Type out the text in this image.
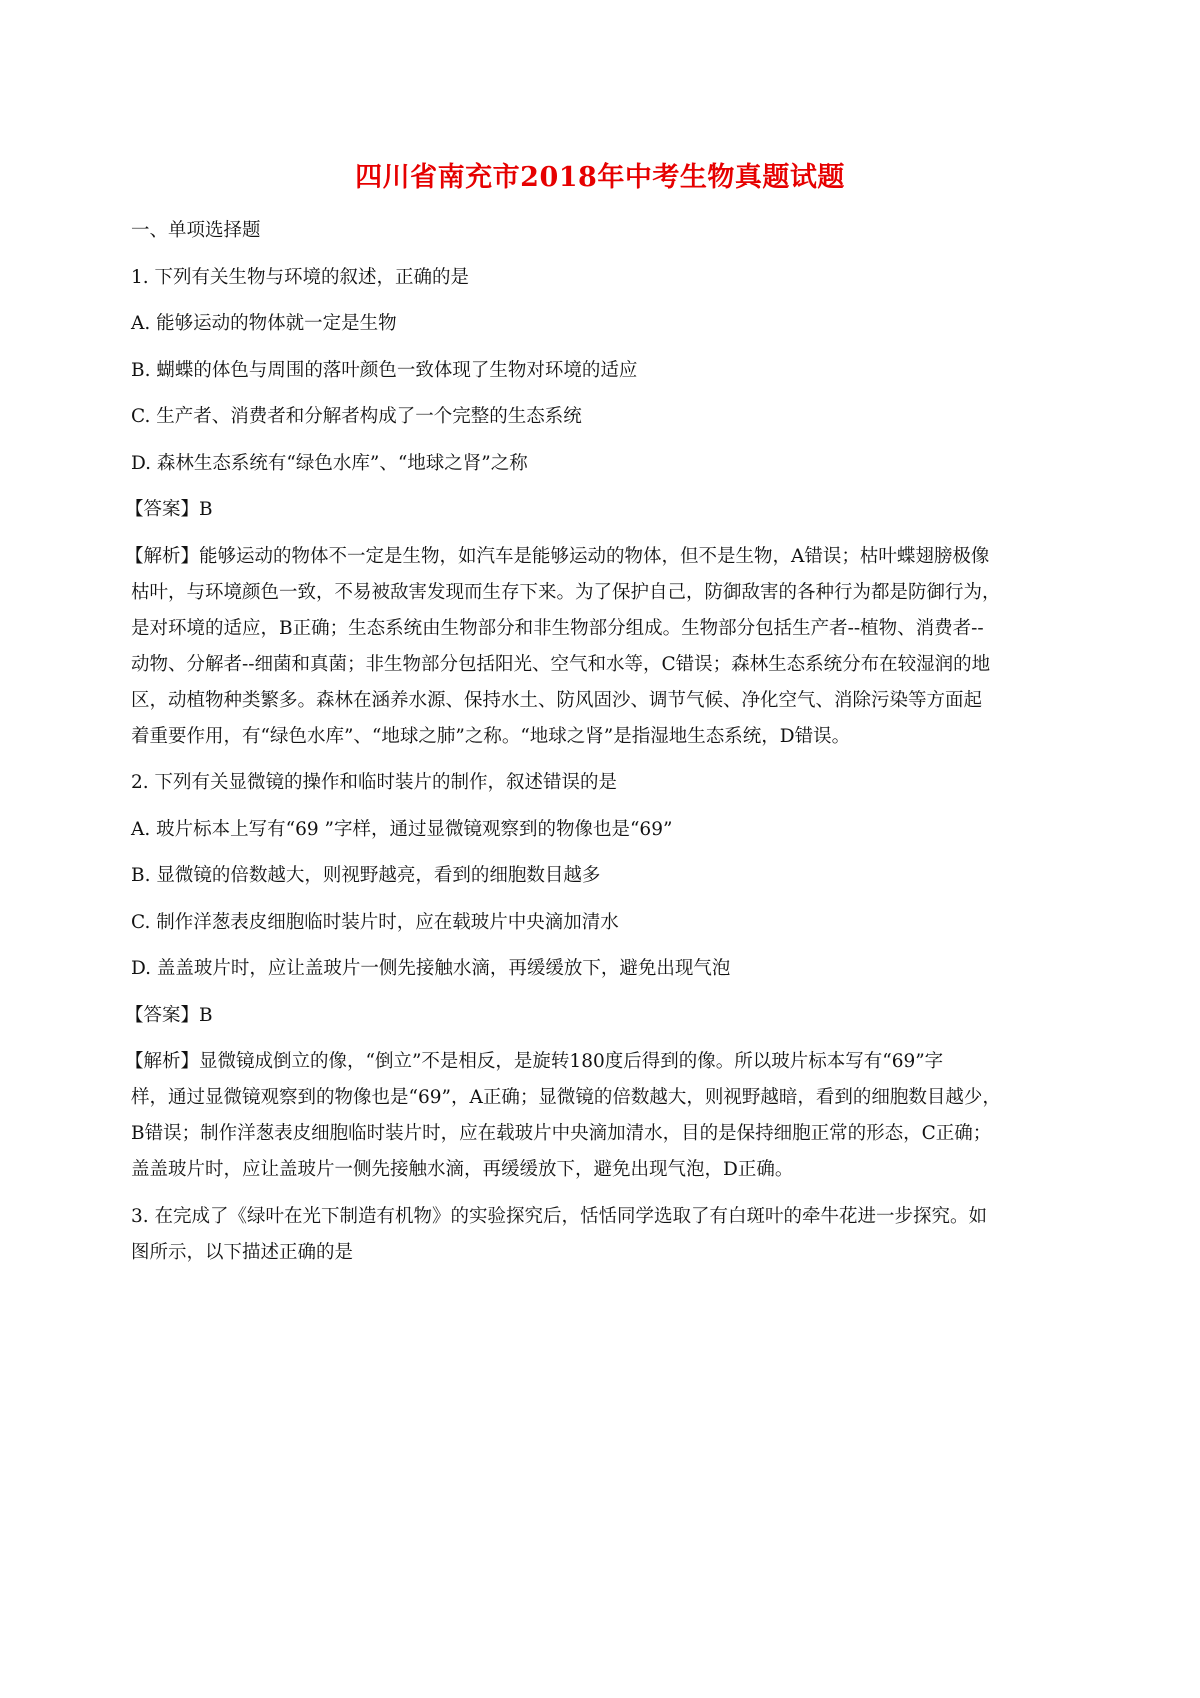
四川省南充市2018年中考生物真题试题
一、单项选择题
1. 下列有关生物与环境的叙述，正确的是
A. 能够运动的物体就一定是生物
B. 蝴蝶的体色与周围的落叶颜色一致体现了生物对环境的适应
C. 生产者、消费者和分解者构成了一个完整的生态系统
D. 森林生态系统有“绿色水库”、“地球之肾”之称
【答案】B
【解析】能够运动的物体不一定是生物，如汽车是能够运动的物体，但不是生物，A错误；枯叶蝶翅膀极像
枯叶，与环境颜色一致，不易被敌害发现而生存下来。为了保护自己，防御敌害的各种行为都是防御行为，
是对环境的适应，B正确；生态系统由生物部分和非生物部分组成。生物部分包括生产者--植物、消费者--
动物、分解者--细菌和真菌；非生物部分包括阳光、空气和水等，C错误；森林生态系统分布在较湿润的地
区，动植物种类繁多。森林在涵养水源、保持水土、防风固沙、调节气候、净化空气、消除污染等方面起
着重要作用，有“绿色水库”、“地球之肺”之称。“地球之肾”是指湿地生态系统，D错误。
2. 下列有关显微镜的操作和临时装片的制作，叙述错误的是
A. 玻片标本上写有“69 ”字样，通过显微镜观察到的物像也是“69”
B. 显微镜的倍数越大，则视野越亮，看到的细胞数目越多
C. 制作洋葱表皮细胞临时装片时，应在载玻片中央滴加清水
D. 盖盖玻片时，应让盖玻片一侧先接触水滴，再缓缓放下，避免出现气泡
【答案】B
【解析】显微镜成倒立的像，“倒立”不是相反，是旋转180度后得到的像。所以玻片标本写有“69”字
样，通过显微镜观察到的物像也是“69”，A正确；显微镜的倍数越大，则视野越暗，看到的细胞数目越少，
B错误；制作洋葱表皮细胞临时装片时，应在载玻片中央滴加清水，目的是保持细胞正常的形态，C正确；
盖盖玻片时，应让盖玻片一侧先接触水滴，再缓缓放下，避免出现气泡，D正确。
3. 在完成了《绿叶在光下制造有机物》的实验探究后，恬恬同学选取了有白斑叶的牵牛花进一步探究。如
图所示，以下描述正确的是
